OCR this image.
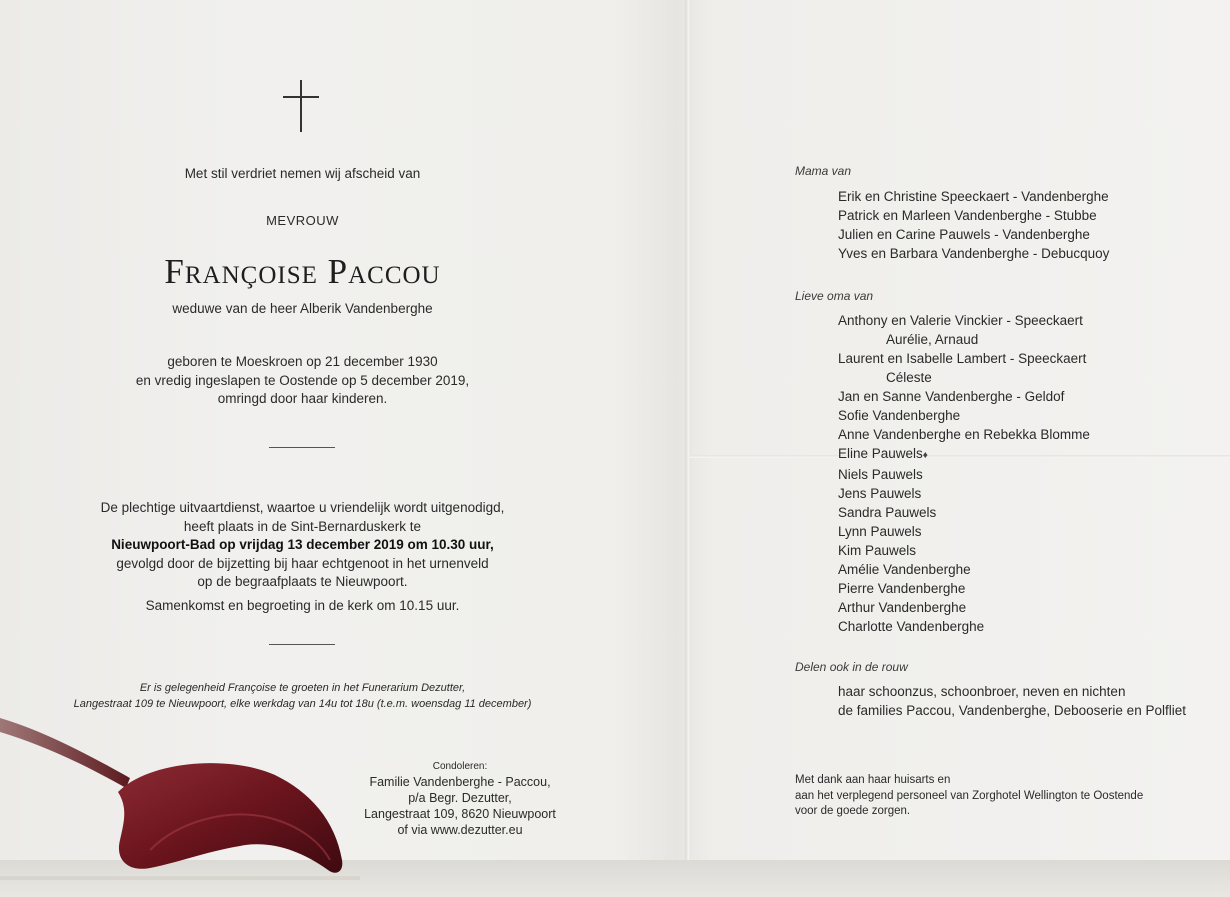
Met stil verdriet nemen wij afscheid van
MEVROUW
Françoise Paccou
weduwe van de heer Alberik Vandenberghe
geboren te Moeskroen op 21 december 1930
en vredig ingeslapen te Oostende op 5 december 2019,
omringd door haar kinderen.
De plechtige uitvaartdienst, waartoe u vriendelijk wordt uitgenodigd,
heeft plaats in de Sint-Bernarduskerk te
Nieuwpoort-Bad op vrijdag 13 december 2019 om 10.30 uur,
gevolgd door de bijzetting bij haar echtgenoot in het urnenveld
op de begraafplaats te Nieuwpoort.
Samenkomst en begroeting in de kerk om 10.15 uur.
Er is gelegenheid Françoise te groeten in het Funerarium Dezutter,
Langestraat 109 te Nieuwpoort, elke werkdag van 14u tot 18u (t.e.m. woensdag 11 december)
Condoleren:
Familie Vandenberghe - Paccou,
p/a Begr. Dezutter,
Langestraat 109, 8620 Nieuwpoort
of via www.dezutter.eu
Mama van
Erik en Christine Speeckaert - Vandenberghe
Patrick en Marleen Vandenberghe - Stubbe
Julien en Carine Pauwels - Vandenberghe
Yves en Barbara Vandenberghe - Debucquoy
Lieve oma van
Anthony en Valerie Vinckier - Speeckaert
Aurélie, Arnaud
Laurent en Isabelle Lambert - Speeckaert
Céleste
Jan en Sanne Vandenberghe - Geldof
Sofie Vandenberghe
Anne Vandenberghe en Rebekka Blomme
Eline Pauwels♦
Niels Pauwels
Jens Pauwels
Sandra Pauwels
Lynn Pauwels
Kim Pauwels
Amélie Vandenberghe
Pierre Vandenberghe
Arthur Vandenberghe
Charlotte Vandenberghe
Delen ook in de rouw
haar schoonzus, schoonbroer, neven en nichten
de families Paccou, Vandenberghe, Debooserie en Polfliet
Met dank aan haar huisarts en
aan het verplegend personeel van Zorghotel Wellington te Oostende
voor de goede zorgen.
